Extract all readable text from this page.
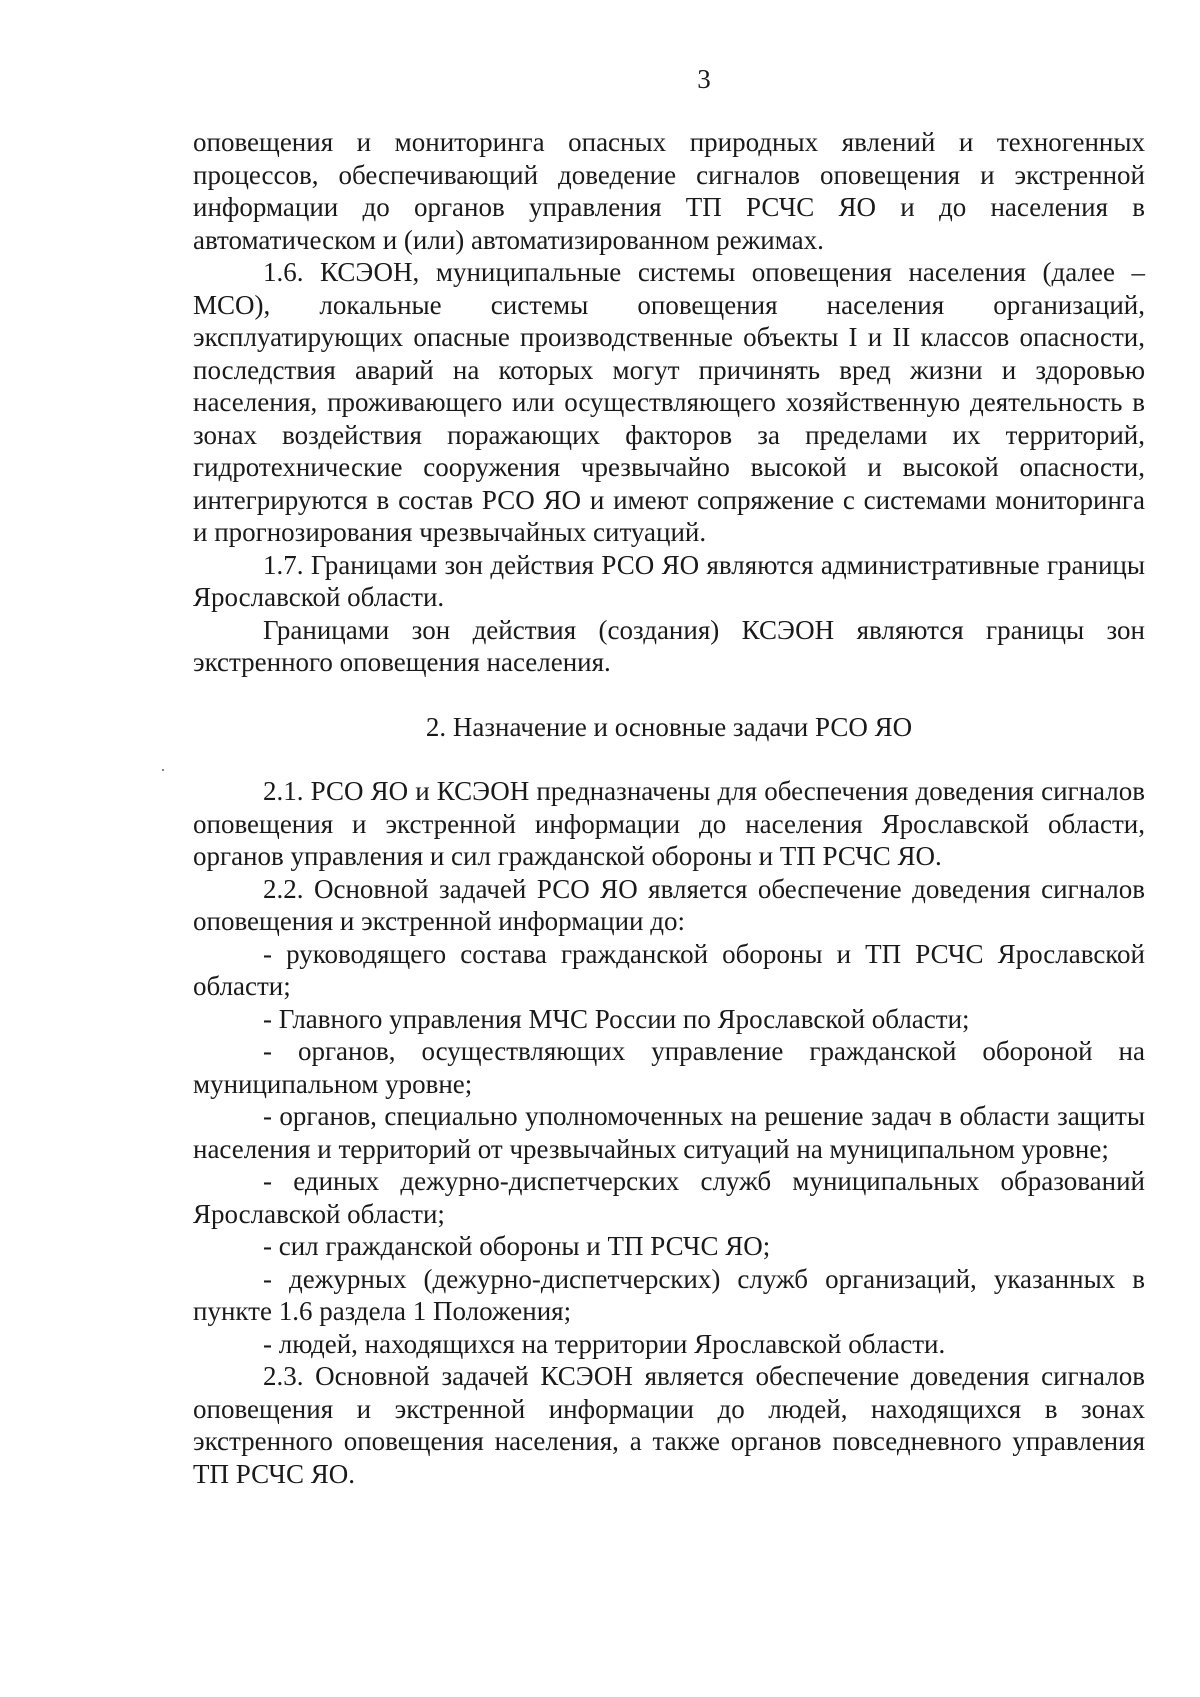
3

оповещения и мониторинга опасных природных явлений и техногенных процессов, обеспечивающий доведение сигналов оповещения и экстренной информации до органов управления ТП РСЧС ЯО и до населения в автоматическом и (или) автоматизированном режимах.

1.6. КСЭОН, муниципальные системы оповещения населения (далее – МСО), локальные системы оповещения населения организаций, эксплуатирующих опасные производственные объекты I и II классов опасности, последствия аварий на которых могут причинять вред жизни и здоровью населения, проживающего или осуществляющего хозяйственную деятельность в зонах воздействия поражающих факторов за пределами их территорий, гидротехнические сооружения чрезвычайно высокой и высокой опасности, интегрируются в состав РСО ЯО и имеют сопряжение с системами мониторинга и прогнозирования чрезвычайных ситуаций.

1.7. Границами зон действия РСО ЯО являются административные границы Ярославской области.

Границами зон действия (создания) КСЭОН являются границы зон экстренного оповещения населения.

2. Назначение и основные задачи РСО ЯО

2.1. РСО ЯО и КСЭОН предназначены для обеспечения доведения сигналов оповещения и экстренной информации до населения Ярославской области, органов управления и сил гражданской обороны и ТП РСЧС ЯО.

2.2. Основной задачей РСО ЯО является обеспечение доведения сигналов оповещения и экстренной информации до:

- руководящего состава гражданской обороны и ТП РСЧС Ярославской области;

- Главного управления МЧС России по Ярославской области;

- органов, осуществляющих управление гражданской обороной на муниципальном уровне;

- органов, специально уполномоченных на решение задач в области защиты населения и территорий от чрезвычайных ситуаций на муниципальном уровне;

- единых дежурно-диспетчерских служб муниципальных образований Ярославской области;

- сил гражданской обороны и ТП РСЧС ЯО;

- дежурных (дежурно-диспетчерских) служб организаций, указанных в пункте 1.6 раздела 1 Положения;

- людей, находящихся на территории Ярославской области.

2.3. Основной задачей КСЭОН является обеспечение доведения сигналов оповещения и экстренной информации до людей, находящихся в зонах экстренного оповещения населения, а также органов повседневного управления ТП РСЧС ЯО.
